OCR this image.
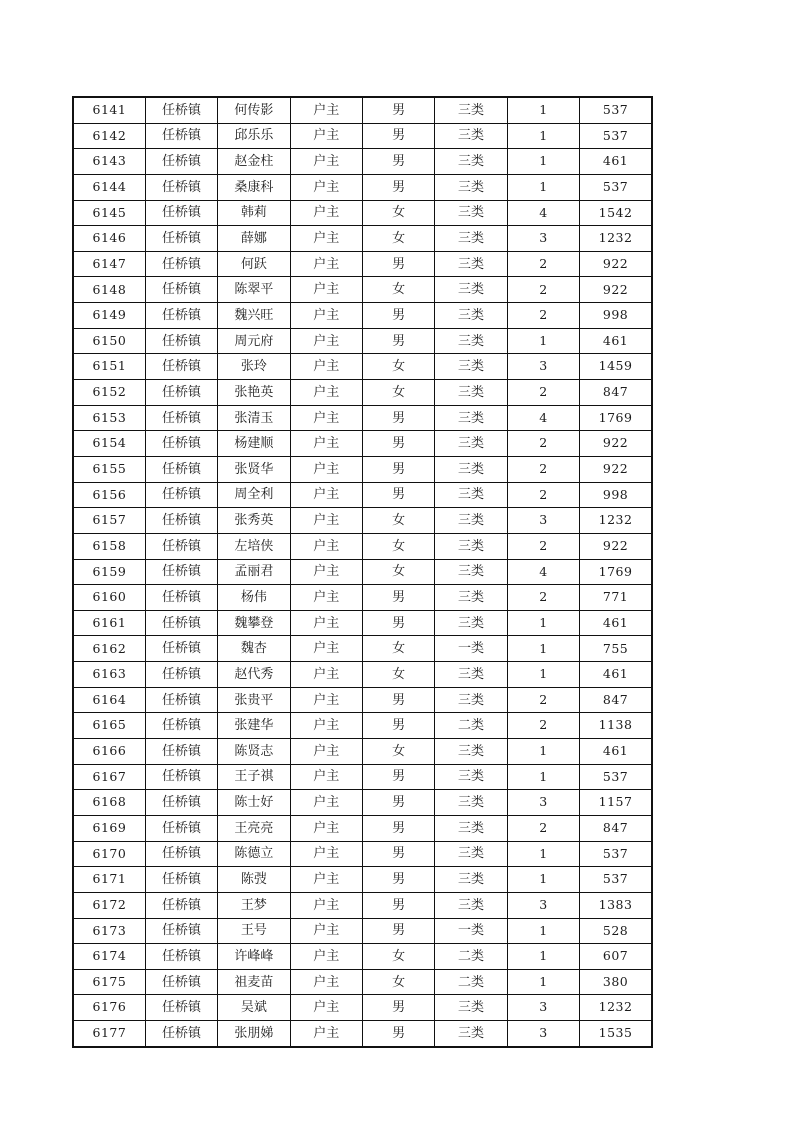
6141	任桥镇	何传影	户主	男	三类	1	537
6142	任桥镇	邱乐乐	户主	男	三类	1	537
6143	任桥镇	赵金柱	户主	男	三类	1	461
6144	任桥镇	桑康科	户主	男	三类	1	537
6145	任桥镇	韩莉	户主	女	三类	4	1542
6146	任桥镇	薛娜	户主	女	三类	3	1232
6147	任桥镇	何跃	户主	男	三类	2	922
6148	任桥镇	陈翠平	户主	女	三类	2	922
6149	任桥镇	魏兴旺	户主	男	三类	2	998
6150	任桥镇	周元府	户主	男	三类	1	461
6151	任桥镇	张玲	户主	女	三类	3	1459
6152	任桥镇	张艳英	户主	女	三类	2	847
6153	任桥镇	张清玉	户主	男	三类	4	1769
6154	任桥镇	杨建顺	户主	男	三类	2	922
6155	任桥镇	张贤华	户主	男	三类	2	922
6156	任桥镇	周全利	户主	男	三类	2	998
6157	任桥镇	张秀英	户主	女	三类	3	1232
6158	任桥镇	左培侠	户主	女	三类	2	922
6159	任桥镇	孟丽君	户主	女	三类	4	1769
6160	任桥镇	杨伟	户主	男	三类	2	771
6161	任桥镇	魏攀登	户主	男	三类	1	461
6162	任桥镇	魏杏	户主	女	一类	1	755
6163	任桥镇	赵代秀	户主	女	三类	1	461
6164	任桥镇	张贵平	户主	男	三类	2	847
6165	任桥镇	张建华	户主	男	二类	2	1138
6166	任桥镇	陈贤志	户主	女	三类	1	461
6167	任桥镇	王子祺	户主	男	三类	1	537
6168	任桥镇	陈士好	户主	男	三类	3	1157
6169	任桥镇	王亮亮	户主	男	三类	2	847
6170	任桥镇	陈德立	户主	男	三类	1	537
6171	任桥镇	陈弢	户主	男	三类	1	537
6172	任桥镇	王梦	户主	男	三类	3	1383
6173	任桥镇	王号	户主	男	一类	1	528
6174	任桥镇	许峰峰	户主	女	二类	1	607
6175	任桥镇	祖麦苗	户主	女	二类	1	380
6176	任桥镇	吴斌	户主	男	三类	3	1232
6177	任桥镇	张朋娣	户主	男	三类	3	1535
